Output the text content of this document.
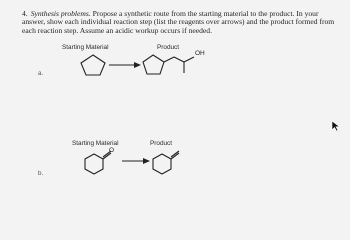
4. Synthesis problems. Propose a synthetic route from the starting material to the product. In your answer, show each individual reaction step (list the reagents over arrows) and the product formed from each reaction step. Assume an acidic workup occurs if needed.
Starting Material	Product
a.
OH
Starting Material	Product
b.
O
